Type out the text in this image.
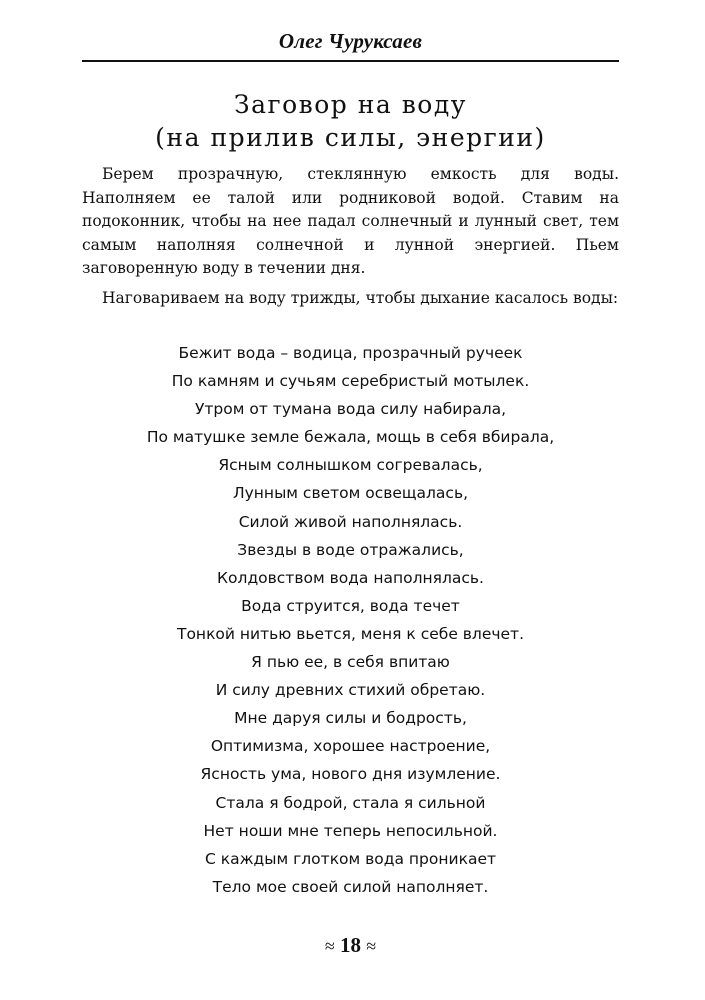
Олег Чуруксаев
Заговор на воду
(на прилив силы, энергии)

Берем прозрачную, стеклянную емкость для воды. Наполняем ее талой или родниковой водой. Ставим на подоконник, чтобы на нее падал солнечный и лунный свет, тем самым наполняя солнечной и лунной энергией. Пьем заговоренную воду в течении дня.

Наговариваем на воду трижды, чтобы дыхание касалось воды:

Бежит вода – водица, прозрачный ручеек
По камням и сучьям серебристый мотылек.
Утром от тумана вода силу набирала,
По матушке земле бежала, мощь в себя вбирала,
Ясным солнышком согревалась,
Лунным светом освещалась,
Силой живой наполнялась.
Звезды в воде отражались,
Колдовством вода наполнялась.
Вода струится, вода течет
Тонкой нитью вьется, меня к себе влечет.
Я пью ее, в себя впитаю
И силу древних стихий обретаю.
Мне даруя силы и бодрость,
Оптимизма, хорошее настроение,
Ясность ума, нового дня изумление.
Стала я бодрой, стала я сильной
Нет ноши мне теперь непосильной.
С каждым глотком вода проникает
Тело мое своей силой наполняет.
≈ 18 ≈
